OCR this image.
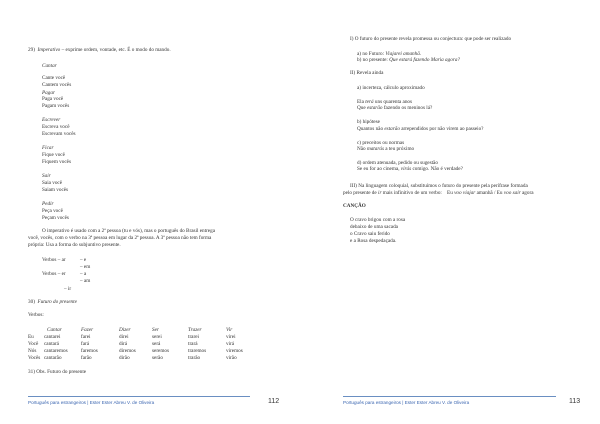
29) Imperativo – exprime ordem, vontade, etc. É o modo do mando.
Cantar
Cante você
Cantem vocês
Pagar
Paga você
Pagam vocês
Escrever
Escreva você
Escrevam vocês
Ficar
Fique você
Fiquem vocês
Sair
Saia você
Saiam vocês
Pedir
Peça você
Peçam vocês
O imperativo é usado com a 2ª pessoa (tu e vós), mas o português do Brasil entrega
você, vocês, com o verbo na 3ª pessoa em lugar da 2ª pessoa. A 3ª pessoa não tem forma
própria: Usa a forma do subjuntivo presente.
Verbos – ar	– e
– em
Verbos – er	– a
– am
– ir
30) Futuro do presente
Verbos:
Cantar	Fazer	Dizer	Ser	Trazer	Vir
Eu cantarei	farei	direi	serei	trarei	virei
Você cantará	fará	dirá	será	trará	virá
Nós cantaremos	faremos	diremos	seremos	traremos	viremos
Vocês cantarão	farão	dirão	serão	trarão	virão
31) Obs. Futuro do presente
Português para estrangeiros | Ester Ester Abreu V. de Oliveira	112
I) O futuro do presente revela promessa ou conjectura: que pode ser realizado
a) no Futuro: Viajarei amanhã.
b) no presente: Que estará fazendo Maria agora?
II) Revela ainda
a) incerteza, cálculo aproximado
Ela terá uns quarenta anos
Que estarão fazendo os meninos lá?
b) hipótese
Quantos não estarão arrependidos por não virem ao passeio?
c) preceitos ou normas
Não matarás a teu próximo
d) ordem atenuada, pedido ou sugestão
Se eu for ao cinema, virás comigo. Não é verdade?
III) Na linguagem coloquial, substituímos o futuro do presente pela perífrase formada
pelo presente de ir mais infinitivo de um verbo: Eu voo viajar amanhã / Eu voo sair agora
CANÇÃO
O cravo brigou com a rosa
debaixo de uma sacada
o Cravo saiu ferido
e a Rosa despedaçada.
Português para estrangeiros | Ester Ester Abreu V. de Oliveira	113
